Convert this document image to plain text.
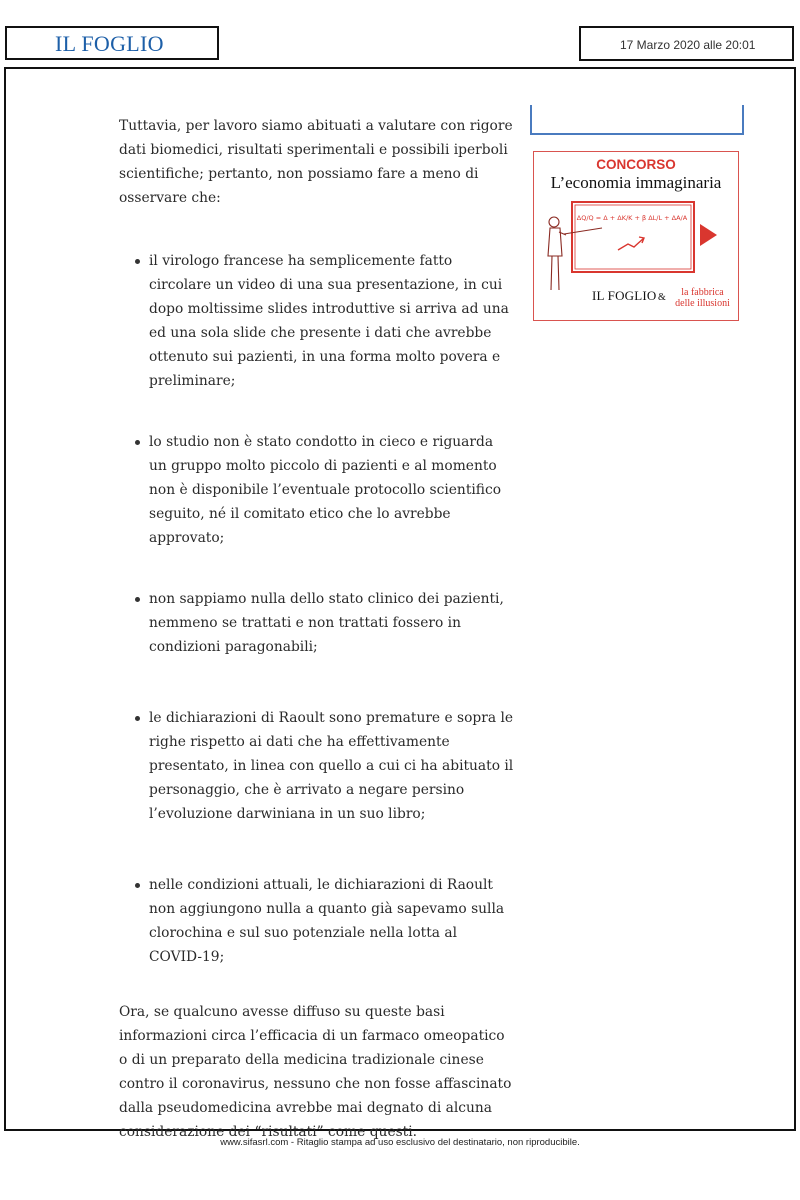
IL FOGLIO	17 Marzo 2020 alle 20:01

Tuttavia, per lavoro siamo abituati a valutare con rigore dati biomedici, risultati sperimentali e possibili iperboli scientifiche; pertanto, non possiamo fare a meno di osservare che:

il virologo francese ha semplicemente fatto circolare un video di una sua presentazione, in cui dopo moltissime slides introduttive si arriva ad una ed una sola slide che presente i dati che avrebbe ottenuto sui pazienti, in una forma molto povera e preliminare;
lo studio non è stato condotto in cieco e riguarda un gruppo molto piccolo di pazienti e al momento non è disponibile l’eventuale protocollo scientifico seguito, né il comitato etico che lo avrebbe approvato;
non sappiamo nulla dello stato clinico dei pazienti, nemmeno se trattati e non trattati fossero in condizioni paragonabili;
le dichiarazioni di Raoult sono premature e sopra le righe rispetto ai dati che ha effettivamente presentato, in linea con quello a cui ci ha abituato il personaggio, che è arrivato a negare persino l’evoluzione darwiniana in un suo libro;
nelle condizioni attuali, le dichiarazioni di Raoult non aggiungono nulla a quanto già sapevamo sulla clorochina e sul suo potenziale nella lotta al COVID-19;

Ora, se qualcuno avesse diffuso su queste basi informazioni circa l’efficacia di un farmaco omeopatico o di un preparato della medicina tradizionale cinese contro il coronavirus, nessuno che non fosse affascinato dalla pseudomedicina avrebbe mai degnato di alcuna considerazione dei “risultati” come questi.

CONCORSO
L’economia immaginaria
ΔQ/Q = Δ + ΔK/K + β ΔL/L + ΔA/A
IL FOGLIO &	la fabbrica
delle illusioni
www.sifasrl.com - Ritaglio stampa ad uso esclusivo del destinatario, non riproducibile.
